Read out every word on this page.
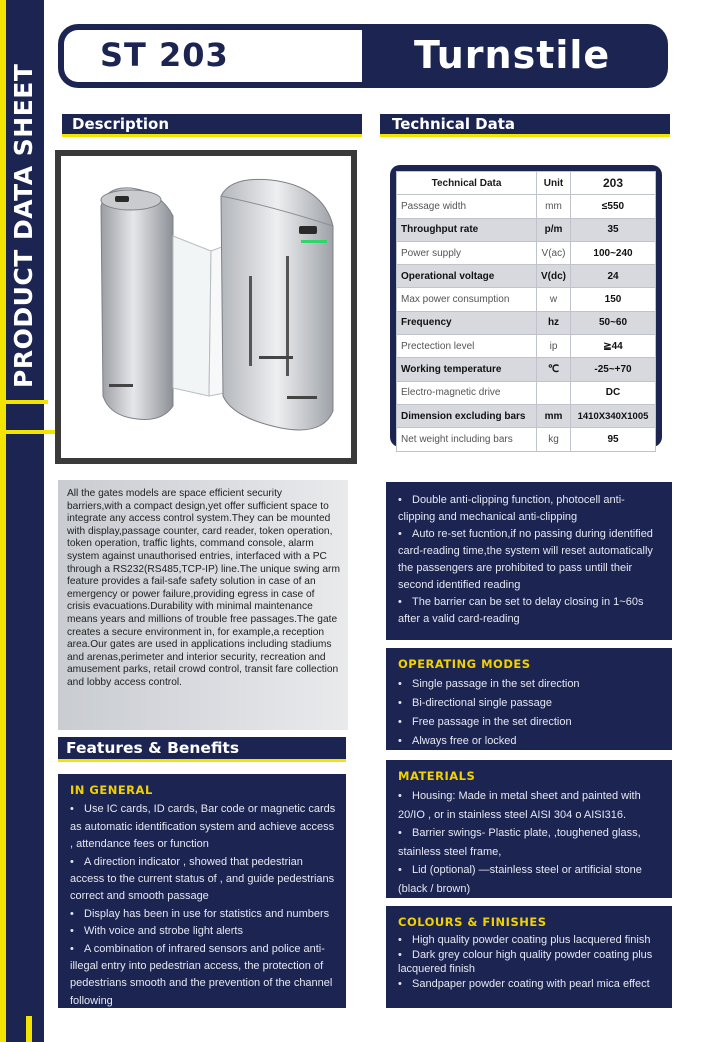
PRODUCT DATA SHEET
ST 203	Turnstile
Description	Technical Data
Technical Data	Unit	203
Passage width	mm	≤550
Throughput rate	p/m	35
Power supply	V(ac)	100~240
Operational voltage	V(dc)	24
Max power consumption	w	150
Frequency	hz	50~60
Prectection level	ip	≧44
Working temperature	℃	-25~+70
Electro-magnetic drive		DC
Dimension excluding bars	mm	1410X340X1005
Net weight including bars	kg	95
All the gates models are space efficient security barriers,with a compact design,yet offer sufficient space to integrate any access control system.They can be mounted with display,passage counter, card reader, token operation, token operation, traffic lights, command console, alarm system against unauthorised entries, interfaced with a PC through a RS232(RS485,TCP-IP) line.The unique swing arm feature provides a fail-safe safety solution in case of an emergency or power failure,providing egress in case of crisis evacuations.Durability with minimal maintenance means years and millions of trouble free passages.The gate creates a secure environment in, for example,a reception area.Our gates are used in applications including stadiums and arenas,perimeter and interior security, recreation and amusement parks, retail crowd control, transit fare collection and lobby access control.
• Double anti-clipping function, photocell anti-clipping and mechanical anti-clipping
• Auto re-set fucntion,if no passing during identified card-reading time,the system will reset automatically the passengers are prohibited to pass untill their second identified reading
• The barrier can be set to delay closing in 1~60s after a valid card-reading
OPERATING MODES
• Single passage in the set direction
• Bi-directional single passage
• Free passage in the set direction
• Always free or locked
MATERIALS
• Housing: Made in metal sheet and painted with 20/IO , or in stainless steel AISI 304 o AISI316.
• Barrier swings- Plastic plate, ,toughened glass, stainless steel frame,
• Lid (optional) —stainless steel or artificial stone (black / brown)
COLOURS & FINISHES
• High quality powder coating plus lacquered finish
• Dark grey colour high quality powder coating plus lacquered finish
• Sandpaper powder coating with pearl mica effect
Features & Benefits
IN GENERAL
• Use IC cards, ID cards, Bar code or magnetic cards as automatic identification system and achieve access , attendance fees or function
• A direction indicator , showed that pedestrian access to the current status of , and guide pedestrians correct and smooth passage
• Display has been in use for statistics and numbers
• With voice and strobe light alerts
• A combination of infrared sensors and police anti-illegal entry into pedestrian access, the protection of pedestrians smooth and the prevention of the channel following
